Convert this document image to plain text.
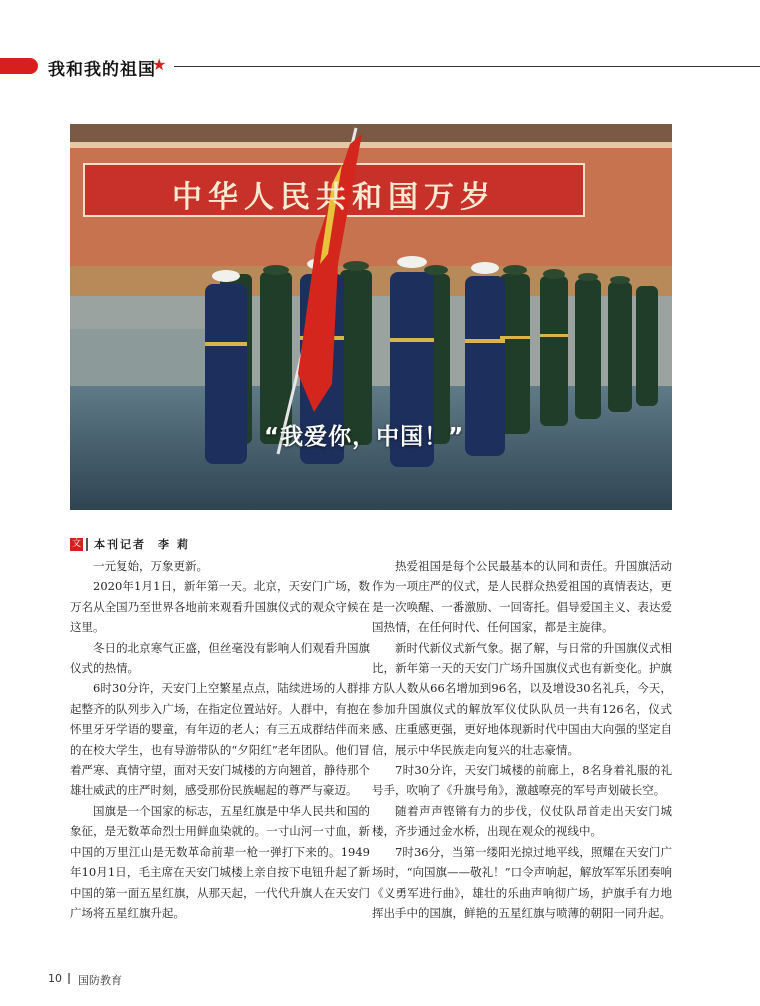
我和我的祖国
★
中华人民共和国万岁
“我爱你，中国！”
文 本刊记者 李莉

一元复始，万象更新。

2020年1月1日，新年第一天。北京，天安门广场，数万名从全国乃至世界各地前来观看升国旗仪式的观众守候在这里。

冬日的北京寒气正盛，但丝毫没有影响人们观看升国旗仪式的热情。

6时30分许，天安门上空繁星点点，陆续进场的人群排起整齐的队列步入广场，在指定位置站好。人群中，有抱在怀里牙牙学语的婴童，有年迈的老人；有三五成群结伴而来的在校大学生，也有导游带队的“夕阳红”老年团队。他们冒着严寒、真情守望，面对天安门城楼的方向翘首，静待那个雄壮威武的庄严时刻，感受那份民族崛起的尊严与豪迈。

国旗是一个国家的标志，五星红旗是中华人民共和国的象征，是无数革命烈士用鲜血染就的。一寸山河一寸血，新中国的万里江山是无数革命前辈一枪一弹打下来的。1949年10月1日，毛主席在天安门城楼上亲自按下电钮升起了新中国的第一面五星红旗，从那天起，一代代升旗人在天安门广场将五星红旗升起。

热爱祖国是每个公民最基本的认同和责任。升国旗活动作为一项庄严的仪式，是人民群众热爱祖国的真情表达，更是一次唤醒、一番激励、一回寄托。倡导爱国主义、表达爱国热情，在任何时代、任何国家，都是主旋律。

新时代新仪式新气象。据了解，与日常的升国旗仪式相比，新年第一天的天安门广场升国旗仪式也有新变化。护旗方队人数从66名增加到96名，以及增设30名礼兵，今天，参加升国旗仪式的解放军仪仗队队员一共有126名，仪式感、庄重感更强，更好地体现新时代中国由大向强的坚定自信，展示中华民族走向复兴的壮志豪情。

7时30分许，天安门城楼的前廊上，8名身着礼服的礼号手，吹响了《升旗号角》，激越嘹亮的军号声划破长空。

随着声声铿锵有力的步伐，仪仗队昂首走出天安门城楼，齐步通过金水桥，出现在观众的视线中。

7时36分，当第一缕阳光掠过地平线，照耀在天安门广场时，“向国旗——敬礼！”口令声响起，解放军军乐团奏响《义勇军进行曲》，雄壮的乐曲声响彻广场，护旗手有力地挥出手中的国旗，鲜艳的五星红旗与喷薄的朝阳一同升起。

10 国防教育
